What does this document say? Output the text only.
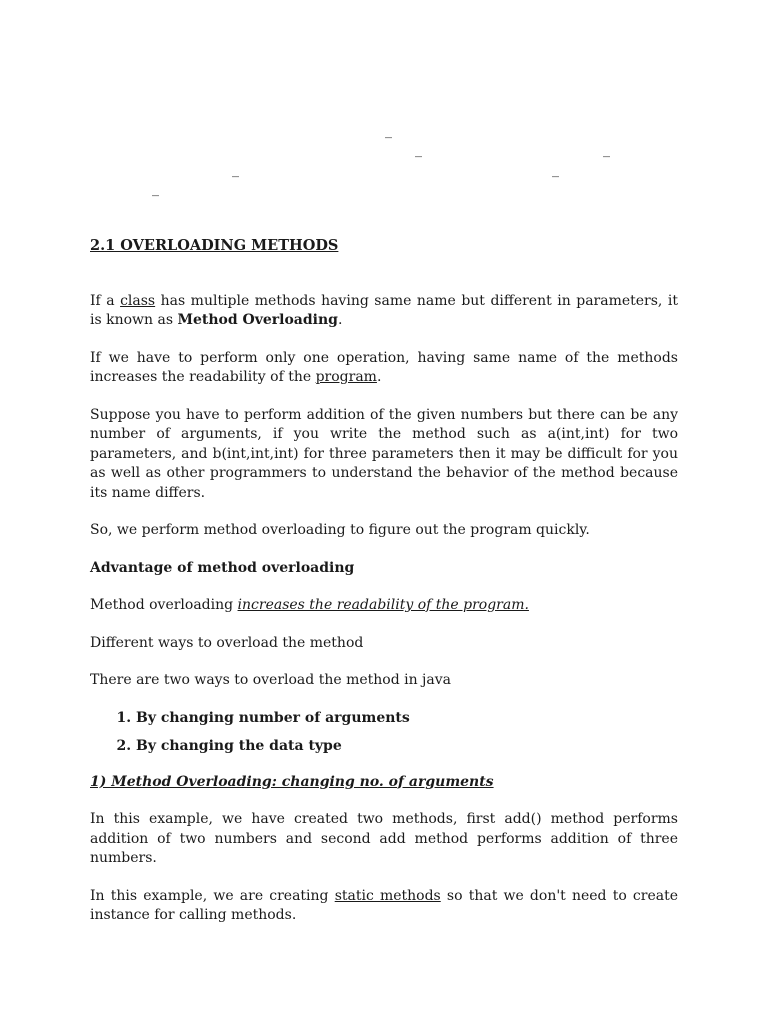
_
_	_
_	_
_
2.1 OVERLOADING METHODS

If a class has multiple methods having same name but different in parameters, it is known as Method Overloading.

If we have to perform only one operation, having same name of the methods increases the readability of the program.

Suppose you have to perform addition of the given numbers but there can be any number of arguments, if you write the method such as a(int,int) for two parameters, and b(int,int,int) for three parameters then it may be difficult for you as well as other programmers to understand the behavior of the method because its name differs.

So, we perform method overloading to figure out the program quickly.

Advantage of method overloading

Method overloading increases the readability of the program.

Different ways to overload the method

There are two ways to overload the method in java

1. By changing number of arguments
2. By changing the data type
1) Method Overloading: changing no. of arguments

In this example, we have created two methods, first add() method performs addition of two numbers and second add method performs addition of three numbers.

In this example, we are creating static methods so that we don't need to create instance for calling methods.
